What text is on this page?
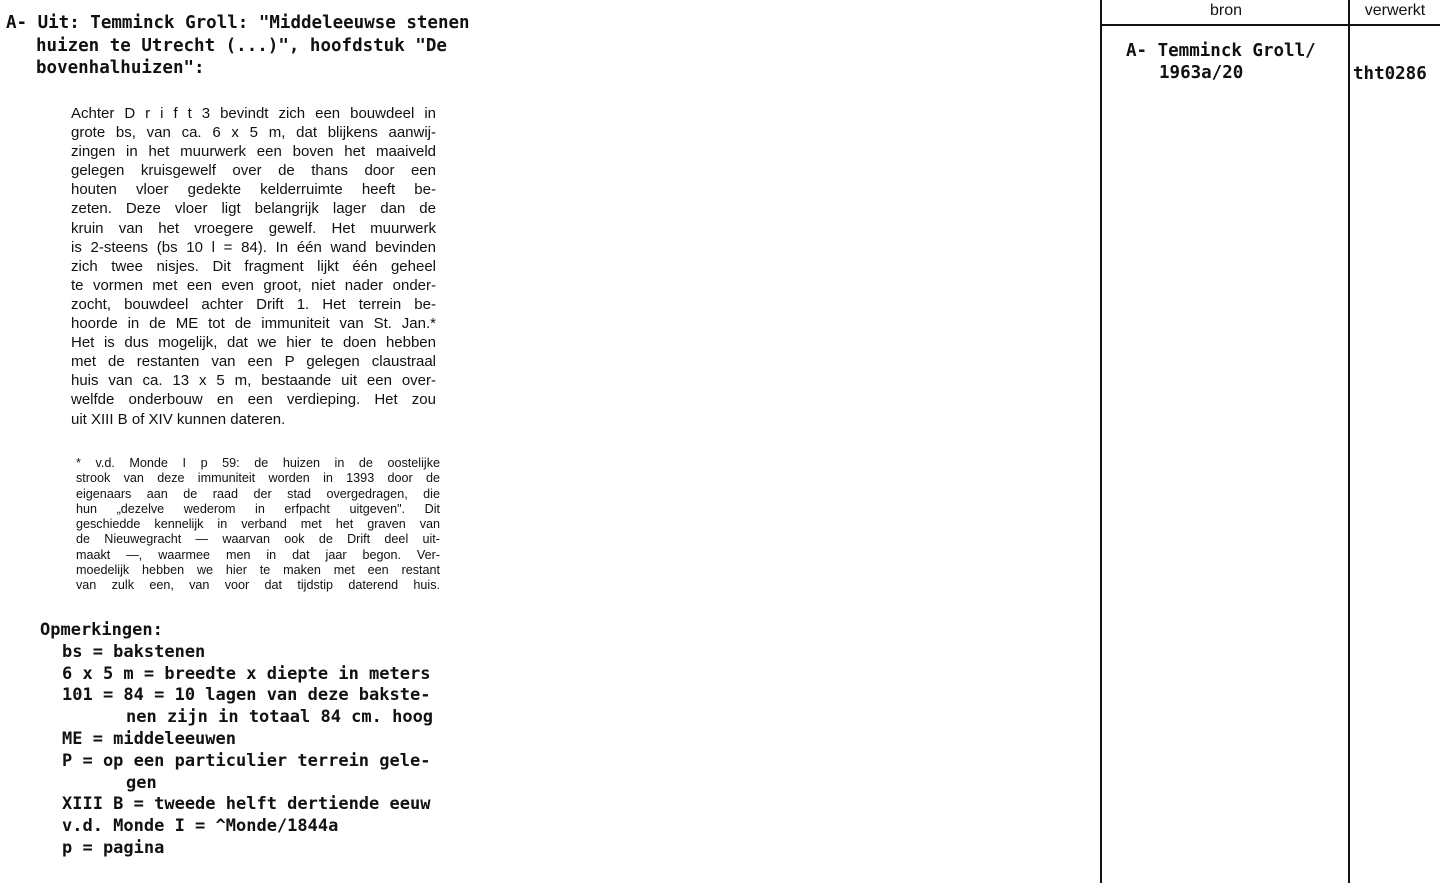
A- Uit: Temminck Groll: "Middeleeuwse stenen
huizen te Utrecht (...)", hoofdstuk "De
bovenhalhuizen":
Achter D r i f t 3 bevindt zich een bouwdeel in
grote bs, van ca. 6 x 5 m, dat blijkens aanwij-
zingen in het muurwerk een boven het maaiveld
gelegen kruisgewelf over de thans door een
houten vloer gedekte kelderruimte heeft be-
zeten. Deze vloer ligt belangrijk lager dan de
kruin van het vroegere gewelf. Het muurwerk
is 2-steens (bs 10 l = 84). In één wand bevinden
zich twee nisjes. Dit fragment lijkt één geheel
te vormen met een even groot, niet nader onder-
zocht, bouwdeel achter Drift 1. Het terrein be-
hoorde in de ME tot de immuniteit van St. Jan.*
Het is dus mogelijk, dat we hier te doen hebben
met de restanten van een P gelegen claustraal
huis van ca. 13 x 5 m, bestaande uit een over-
welfde onderbouw en een verdieping. Het zou
uit XIII B of XIV kunnen dateren.
* v.d. Monde I p 59: de huizen in de oostelijke
strook van deze immuniteit worden in 1393 door de
eigenaars aan de raad der stad overgedragen, die
hun „dezelve wederom in erfpacht uitgeven". Dit
geschiedde kennelijk in verband met het graven van
de Nieuwegracht — waarvan ook de Drift deel uit-
maakt —, waarmee men in dat jaar begon. Ver-
moedelijk hebben we hier te maken met een restant
van zulk een, van voor dat tijdstip daterend huis.
Opmerkingen:
bs = bakstenen
6 x 5 m = breedte x diepte in meters
101 = 84 = 10 lagen van deze bakste-
nen zijn in totaal 84 cm. hoog
ME = middeleeuwen
P = op een particulier terrein gele-
gen
XIII B = tweede helft dertiende eeuw
v.d. Monde I = ^Monde/1844a
p = pagina
bron	verwerkt
A- Temminck Groll/
1963a/20	tht0286
